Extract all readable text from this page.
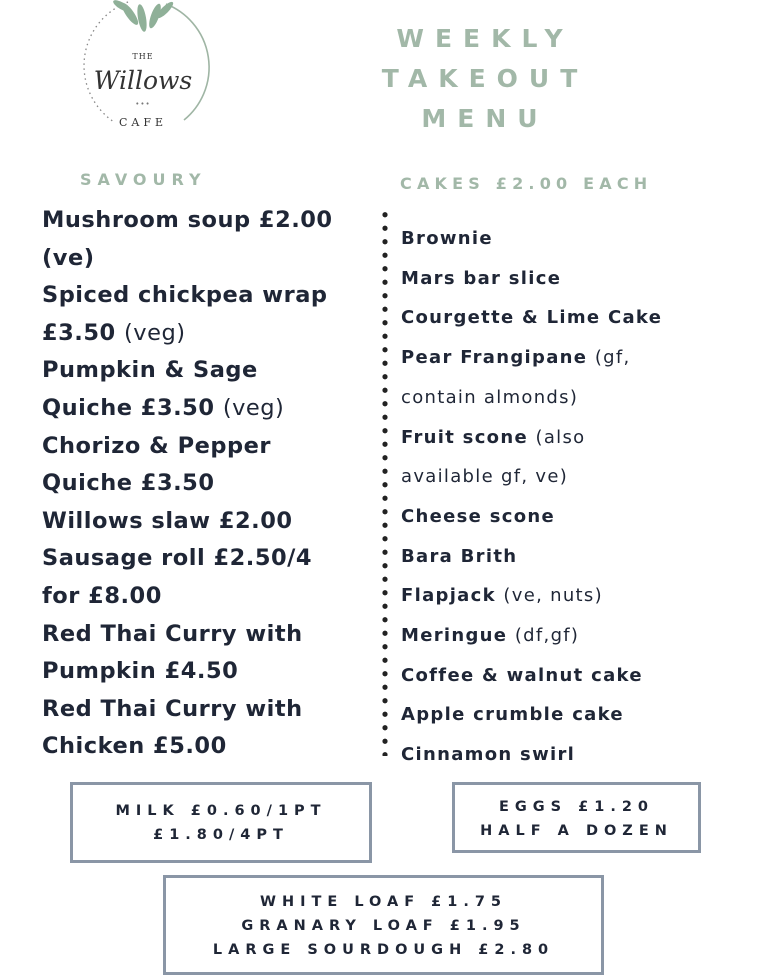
THE
Willows
•••
CAFE
WEEKLY
TAKEOUT
MENU
SAVOURY	CAKES £2.00 EACH
Mushroom soup £2.00
(ve)
Spiced chickpea wrap
£3.50 (veg)
Pumpkin & Sage
Quiche £3.50 (veg)
Chorizo & Pepper
Quiche £3.50
Willows slaw £2.00
Sausage roll £2.50/4
for £8.00
Red Thai Curry with
Pumpkin £4.50
Red Thai Curry with
Chicken £5.00
Brownie
Mars bar slice
Courgette & Lime Cake
Pear Frangipane (gf,
contain almonds)
Fruit scone (also
available gf, ve)
Cheese scone
Bara Brith
Flapjack (ve, nuts)
Meringue (df,gf)
Coffee & walnut cake
Apple crumble cake
Cinnamon swirl
MILK £0.60/1PT
£1.80/4PT
EGGS £1.20
HALF A DOZEN
WHITE LOAF £1.75
GRANARY LOAF £1.95
LARGE SOURDOUGH £2.80
